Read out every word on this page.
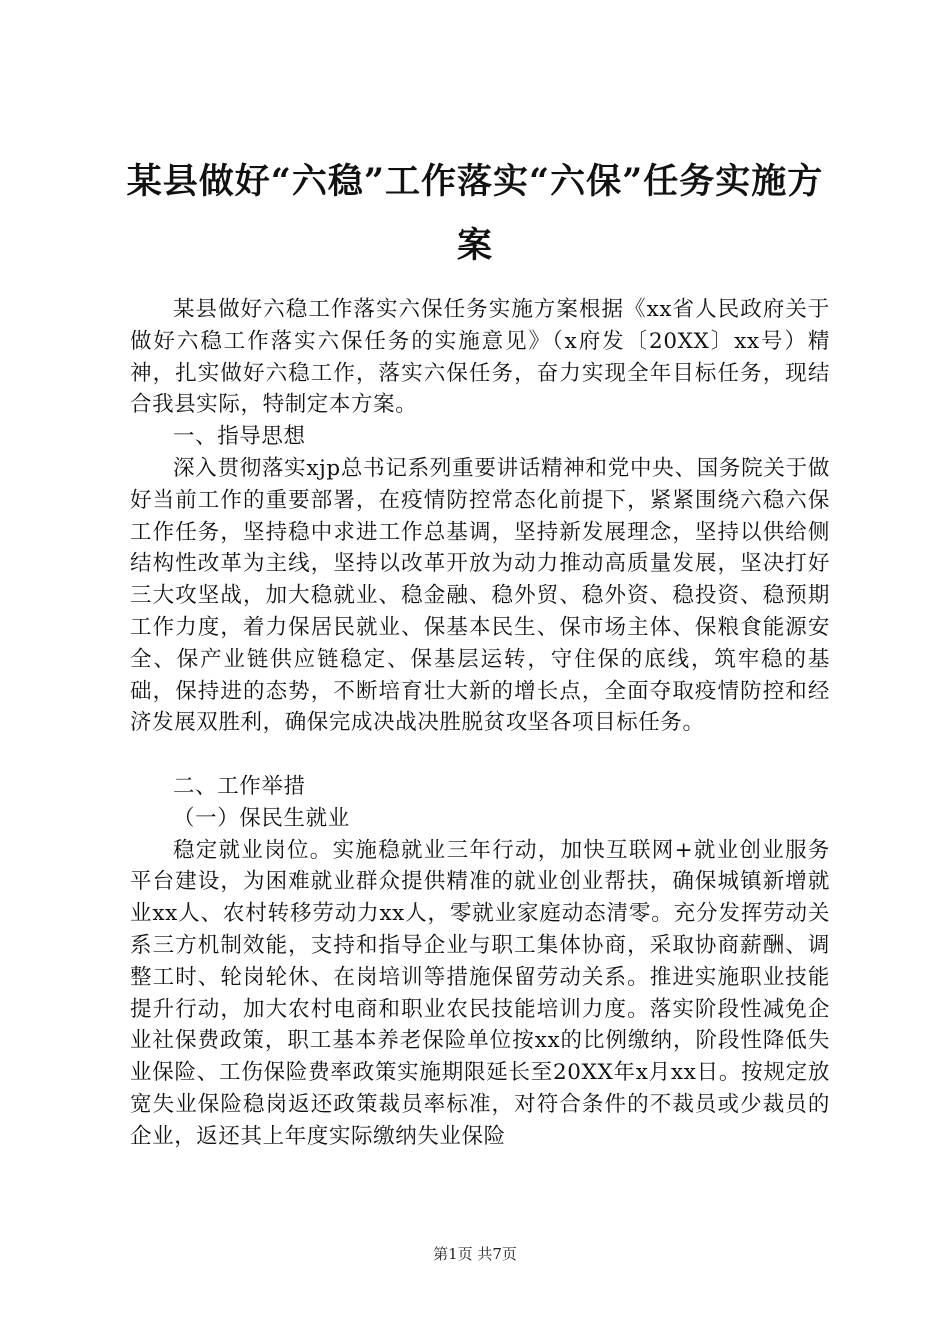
某县做好“六稳”工作落实“六保”任务实施方案

某县做好六稳工作落实六保任务实施方案根据《xx省人民政府关于做好六稳工作落实六保任务的实施意见》（x府发〔20XX〕xx号）精神，扎实做好六稳工作，落实六保任务，奋力实现全年目标任务，现结合我县实际，特制定本方案。

一、指导思想

深入贯彻落实xjp总书记系列重要讲话精神和党中央、国务院关于做好当前工作的重要部署，在疫情防控常态化前提下，紧紧围绕六稳六保工作任务，坚持稳中求进工作总基调，坚持新发展理念，坚持以供给侧结构性改革为主线，坚持以改革开放为动力推动高质量发展，坚决打好三大攻坚战，加大稳就业、稳金融、稳外贸、稳外资、稳投资、稳预期工作力度，着力保居民就业、保基本民生、保市场主体、保粮食能源安全、保产业链供应链稳定、保基层运转，守住保的底线，筑牢稳的基础，保持进的态势，不断培育壮大新的增长点，全面夺取疫情防控和经济发展双胜利，确保完成决战决胜脱贫攻坚各项目标任务。

二、工作举措

（一）保民生就业

稳定就业岗位。实施稳就业三年行动，加快互联网+就业创业服务平台建设，为困难就业群众提供精准的就业创业帮扶，确保城镇新增就业xx人、农村转移劳动力xx人，零就业家庭动态清零。充分发挥劳动关系三方机制效能，支持和指导企业与职工集体协商，采取协商薪酬、调整工时、轮岗轮休、在岗培训等措施保留劳动关系。推进实施职业技能提升行动，加大农村电商和职业农民技能培训力度。落实阶段性减免企业社保费政策，职工基本养老保险单位按xx的比例缴纳，阶段性降低失业保险、工伤保险费率政策实施期限延长至20XX年x月xx日。按规定放宽失业保险稳岗返还政策裁员率标准，对符合条件的不裁员或少裁员的企业，返还其上年度实际缴纳失业保险

第1页 共7页
